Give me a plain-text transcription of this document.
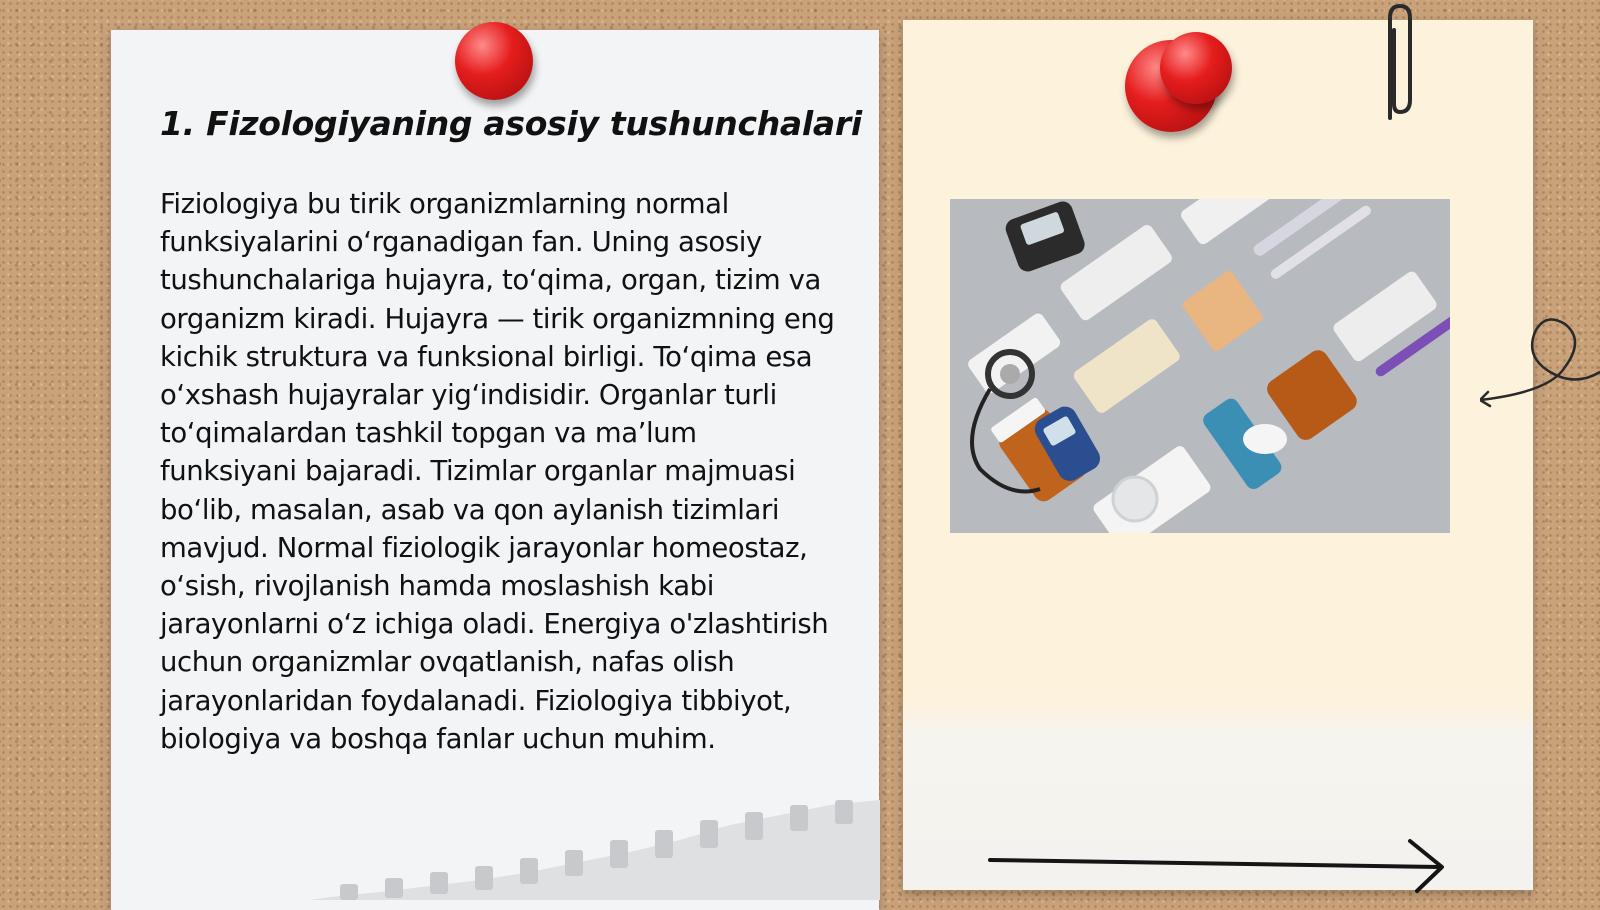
1. Fizologiyaning asosiy tushunchalari

Fiziologiya bu tirik organizmlarning normal funksiyalarini o‘rganadigan fan. Uning asosiy tushunchalariga hujayra, to‘qima, organ, tizim va organizm kiradi. Hujayra — tirik organizmning eng kichik struktura va funksional birligi. To‘qima esa o‘xshash hujayralar yig‘indisidir. Organlar turli to‘qimalardan tashkil topgan va ma’lum funksiyani bajaradi. Tizimlar organlar majmuasi bo‘lib, masalan, asab va qon aylanish tizimlari mavjud. Normal fiziologik jarayonlar homeostaz, o‘sish, rivojlanish hamda moslashish kabi jarayonlarni o‘z ichiga oladi. Energiya o'zlashtirish uchun organizmlar ovqatlanish, nafas olish jarayonlaridan foydalanadi. Fiziologiya tibbiyot, biologiya va boshqa fanlar uchun muhim.
